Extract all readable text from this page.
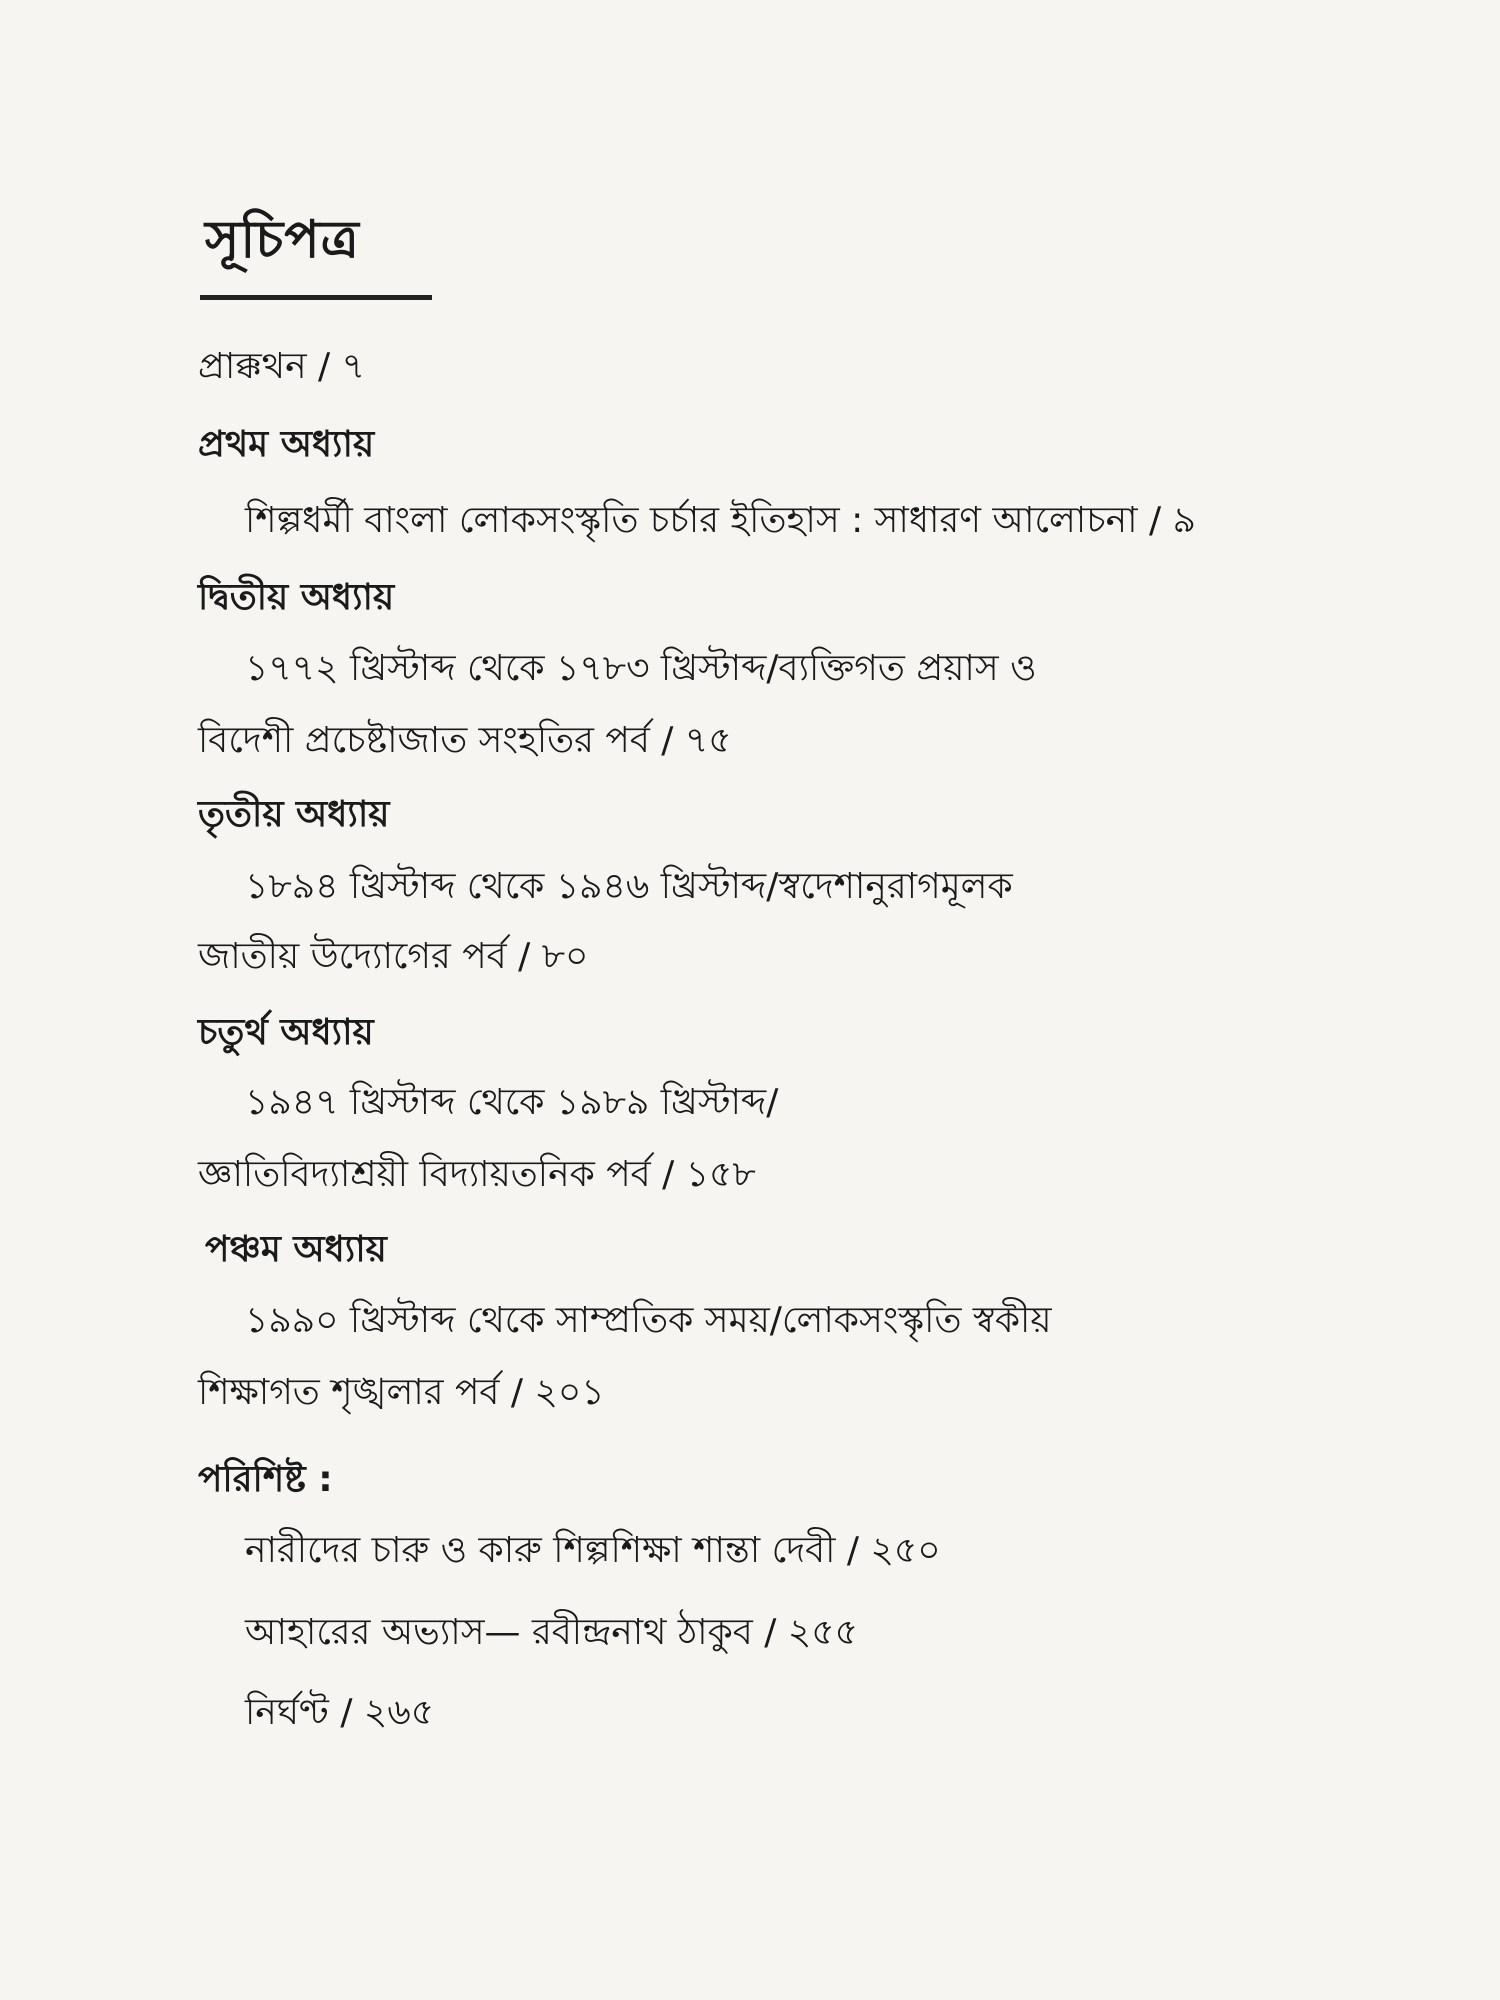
সূচিপত্র
প্রাক্কথন / ৭
প্রথম অধ্যায়
শিল্পধর্মী বাংলা লোকসংস্কৃতি চর্চার ইতিহাস : সাধারণ আলোচনা / ৯
দ্বিতীয় অধ্যায়
১৭৭২ খ্রিস্টাব্দ থেকে ১৭৮৩ খ্রিস্টাব্দ/ব্যক্তিগত প্রয়াস ও
বিদেশী প্রচেষ্টাজাত সংহতির পর্ব / ৭৫
তৃতীয় অধ্যায়
১৮৯৪ খ্রিস্টাব্দ থেকে ১৯৪৬ খ্রিস্টাব্দ/স্বদেশানুরাগমূলক
জাতীয় উদ্যোগের পর্ব / ৮০
চতুর্থ অধ্যায়
১৯৪৭ খ্রিস্টাব্দ থেকে ১৯৮৯ খ্রিস্টাব্দ/
জ্ঞাতিবিদ্যাশ্রয়ী বিদ্যায়তনিক পর্ব / ১৫৮
পঞ্চম অধ্যায়
১৯৯০ খ্রিস্টাব্দ থেকে সাম্প্রতিক সময়/লোকসংস্কৃতি স্বকীয়
শিক্ষাগত শৃঙ্খলার পর্ব / ২০১
পরিশিষ্ট :
নারীদের চারু ও কারু শিল্পশিক্ষা শান্তা দেবী / ২৫০
আহারের অভ্যাস— রবীন্দ্রনাথ ঠাকুব / ২৫৫
নির্ঘণ্ট / ২৬৫
